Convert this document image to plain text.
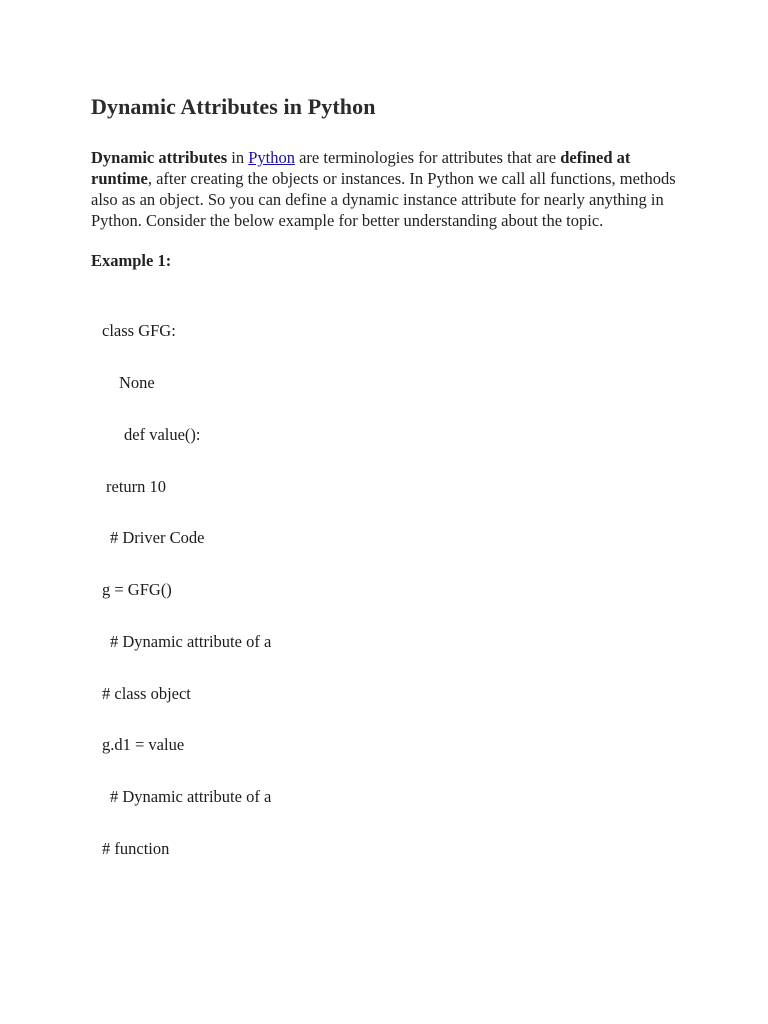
Dynamic Attributes in Python

Dynamic attributes in Python are terminologies for attributes that are defined at runtime, after creating the objects or instances. In Python we call all functions, methods also as an object. So you can define a dynamic instance attribute for nearly anything in Python. Consider the below example for better understanding about the topic.

Example 1:

class GFG:

None

def value():

return 10

# Driver Code

g = GFG()

# Dynamic attribute of a

# class object

g.d1 = value

# Dynamic attribute of a

# function
